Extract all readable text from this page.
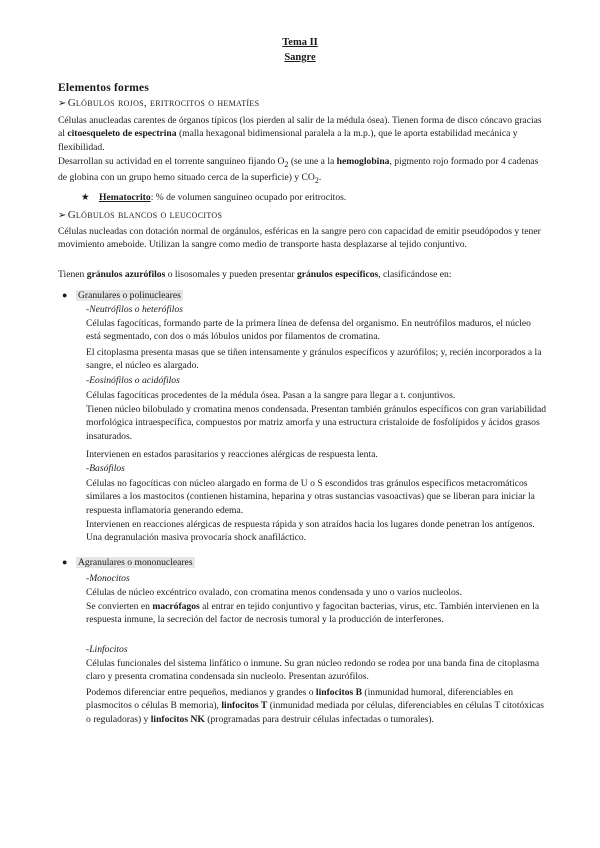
Tema II
Sangre
Elementos formes
➢Glóbulos rojos, eritrocitos o hematíes
Células anucleadas carentes de órganos típicos (los pierden al salir de la médula ósea). Tienen forma de disco cóncavo gracias al citoesqueleto de espectrina (malla hexagonal bidimensional paralela a la m.p.), que le aporta estabilidad mecánica y flexibilidad.
Desarrollan su actividad en el torrente sanguíneo fijando $O_2$ (se une a la hemoglobina, pigmento rojo formado por 4 cadenas de globina con un grupo hemo situado cerca de la superficie) y $CO_2$.
★ Hematocrito: % de volumen sanguíneo ocupado por eritrocitos.
➢Glóbulos blancos o leucocitos
Células nucleadas con dotación normal de orgánulos, esféricas en la sangre pero con capacidad de emitir pseudópodos y tener movimiento ameboide. Utilizan la sangre como medio de transporte hasta desplazarse al tejido conjuntivo.
Tienen gránulos azurófilos o lisosomales y pueden presentar gránulos específicos, clasificándose en:
● Granulares o polinucleares
-Neutrófilos o heterófilos
Células fagocíticas, formando parte de la primera línea de defensa del organismo. En neutrófilos maduros, el núcleo está segmentado, con dos o más lóbulos unidos por filamentos de cromatina.
El citoplasma presenta masas que se tiñen intensamente y gránulos específicos y azurófilos; y, recién incorporados a la sangre, el núcleo es alargado.
-Eosinófilos o acidófilos
Células fagocíticas procedentes de la médula ósea. Pasan a la sangre para llegar a t. conjuntivos.
Tienen núcleo bilobulado y cromatina menos condensada. Presentan también gránulos específicos con gran variabilidad morfológica intraespecífica, compuestos por matriz amorfa y una estructura cristaloide de fosfolípidos y ácidos grasos insaturados.
Intervienen en estados parasitarios y reacciones alérgicas de respuesta lenta.
-Basófilos
Células no fagocíticas con núcleo alargado en forma de U o S escondidos tras gránulos específicos metacromáticos similares a los mastocitos (contienen histamina, heparina y otras sustancias vasoactivas) que se liberan para iniciar la respuesta inflamatoria generando edema.
Intervienen en reacciones alérgicas de respuesta rápida y son atraídos hacia los lugares donde penetran los antígenos. Una degranulación masiva provocaría shock anafiláctico.
● Agranulares o mononucleares
-Monocitos
Células de núcleo excéntrico ovalado, con cromatina menos condensada y uno o varios nucleolos.
Se convierten en macrófagos al entrar en tejido conjuntivo y fagocitan bacterias, virus, etc. También intervienen en la respuesta inmune, la secreción del factor de necrosis tumoral y la producción de interferones.
-Linfocitos
Células funcionales del sistema linfático o inmune. Su gran núcleo redondo se rodea por una banda fina de citoplasma claro y presenta cromatina condensada sin nucleolo. Presentan azurófilos.
Podemos diferenciar entre pequeños, medianos y grandes o linfocitos B (inmunidad humoral, diferenciables en plasmocitos o células B memoria), linfocitos T (inmunidad mediada por células, diferenciables en células T citotóxicas o reguladoras) y linfocitos NK (programadas para destruir células infectadas o tumorales).
